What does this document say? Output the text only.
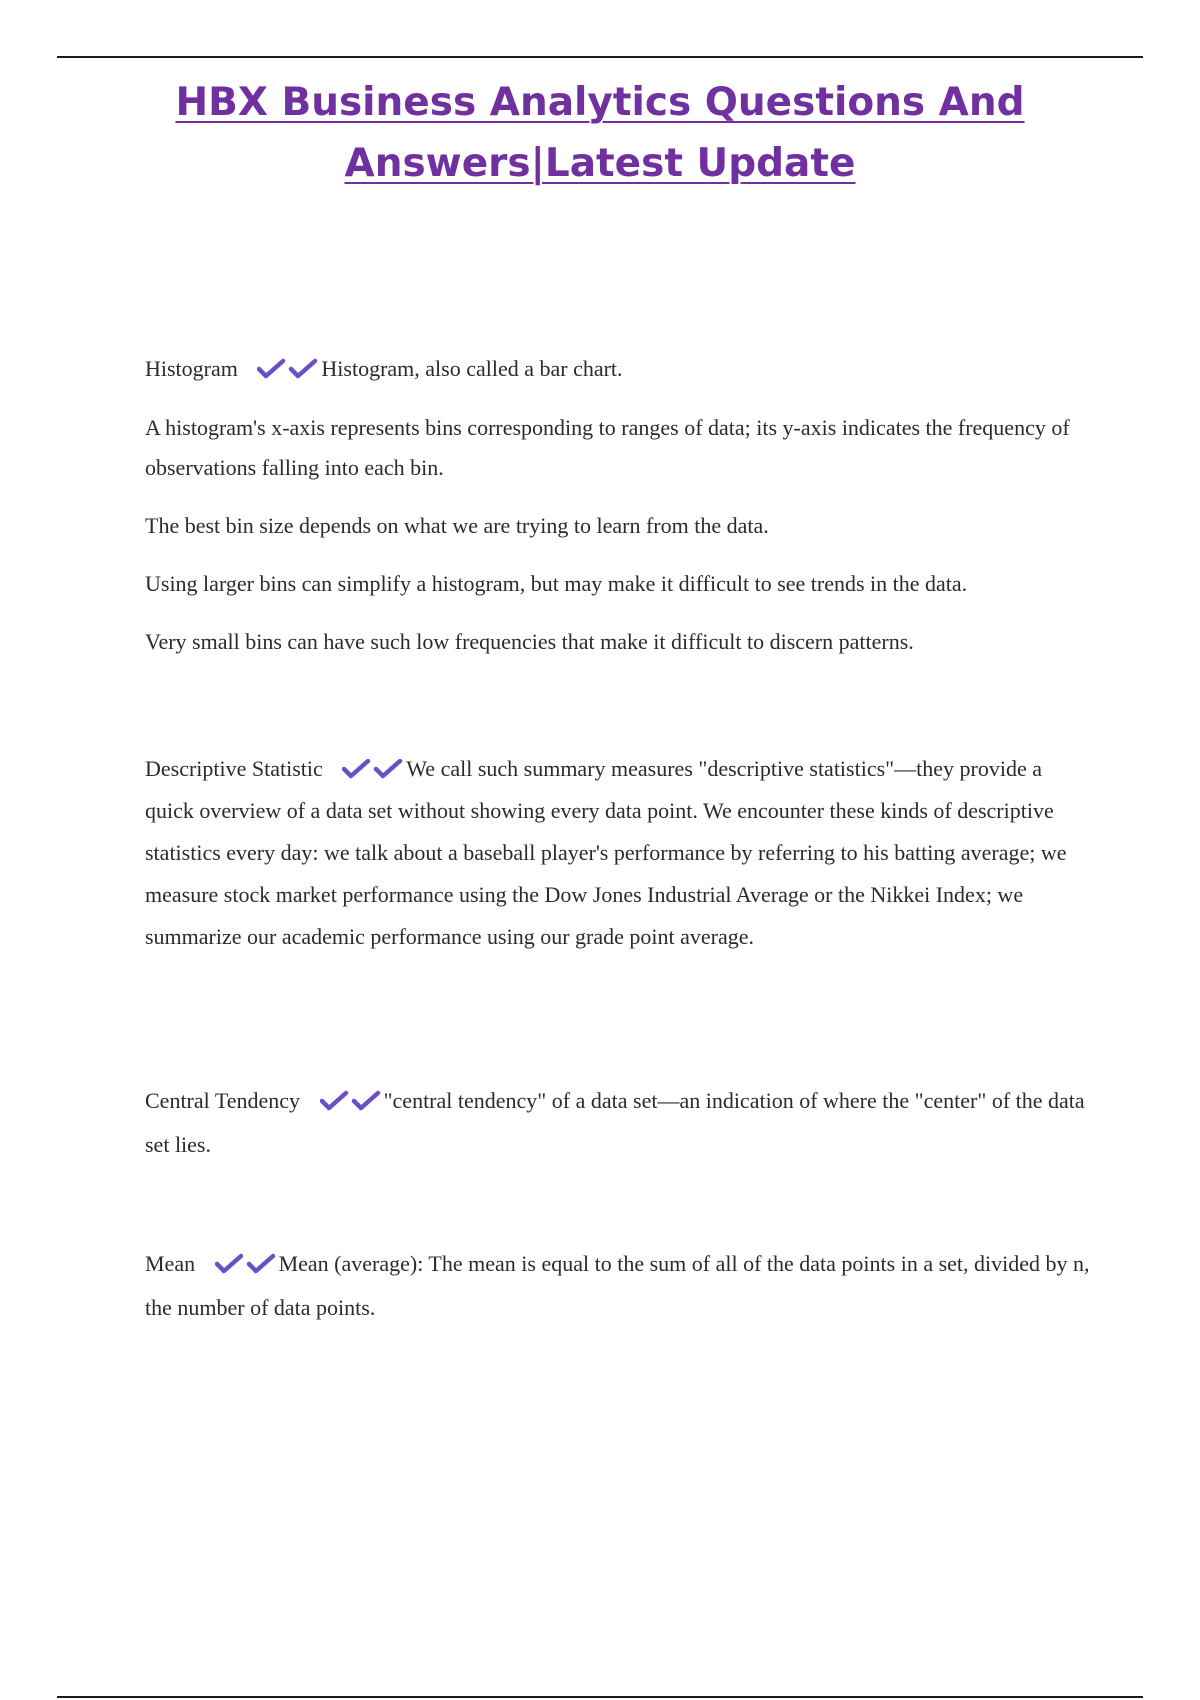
HBX Business Analytics Questions And
Answers|Latest Update

Histogram	Histogram, also called a bar chart.

A histogram's x-axis represents bins corresponding to ranges of data; its y-axis indicates the frequency of observations falling into each bin.

The best bin size depends on what we are trying to learn from the data.

Using larger bins can simplify a histogram, but may make it difficult to see trends in the data.

Very small bins can have such low frequencies that make it difficult to discern patterns.

Descriptive Statistic	We call such summary measures "descriptive statistics"—they provide a quick overview of a data set without showing every data point. We encounter these kinds of descriptive statistics every day: we talk about a baseball player's performance by referring to his batting average; we measure stock market performance using the Dow Jones Industrial Average or the Nikkei Index; we summarize our academic performance using our grade point average.

Central Tendency	"central tendency" of a data set—an indication of where the "center" of the data set lies.

Mean	Mean (average): The mean is equal to the sum of all of the data points in a set, divided by n, the number of data points.
